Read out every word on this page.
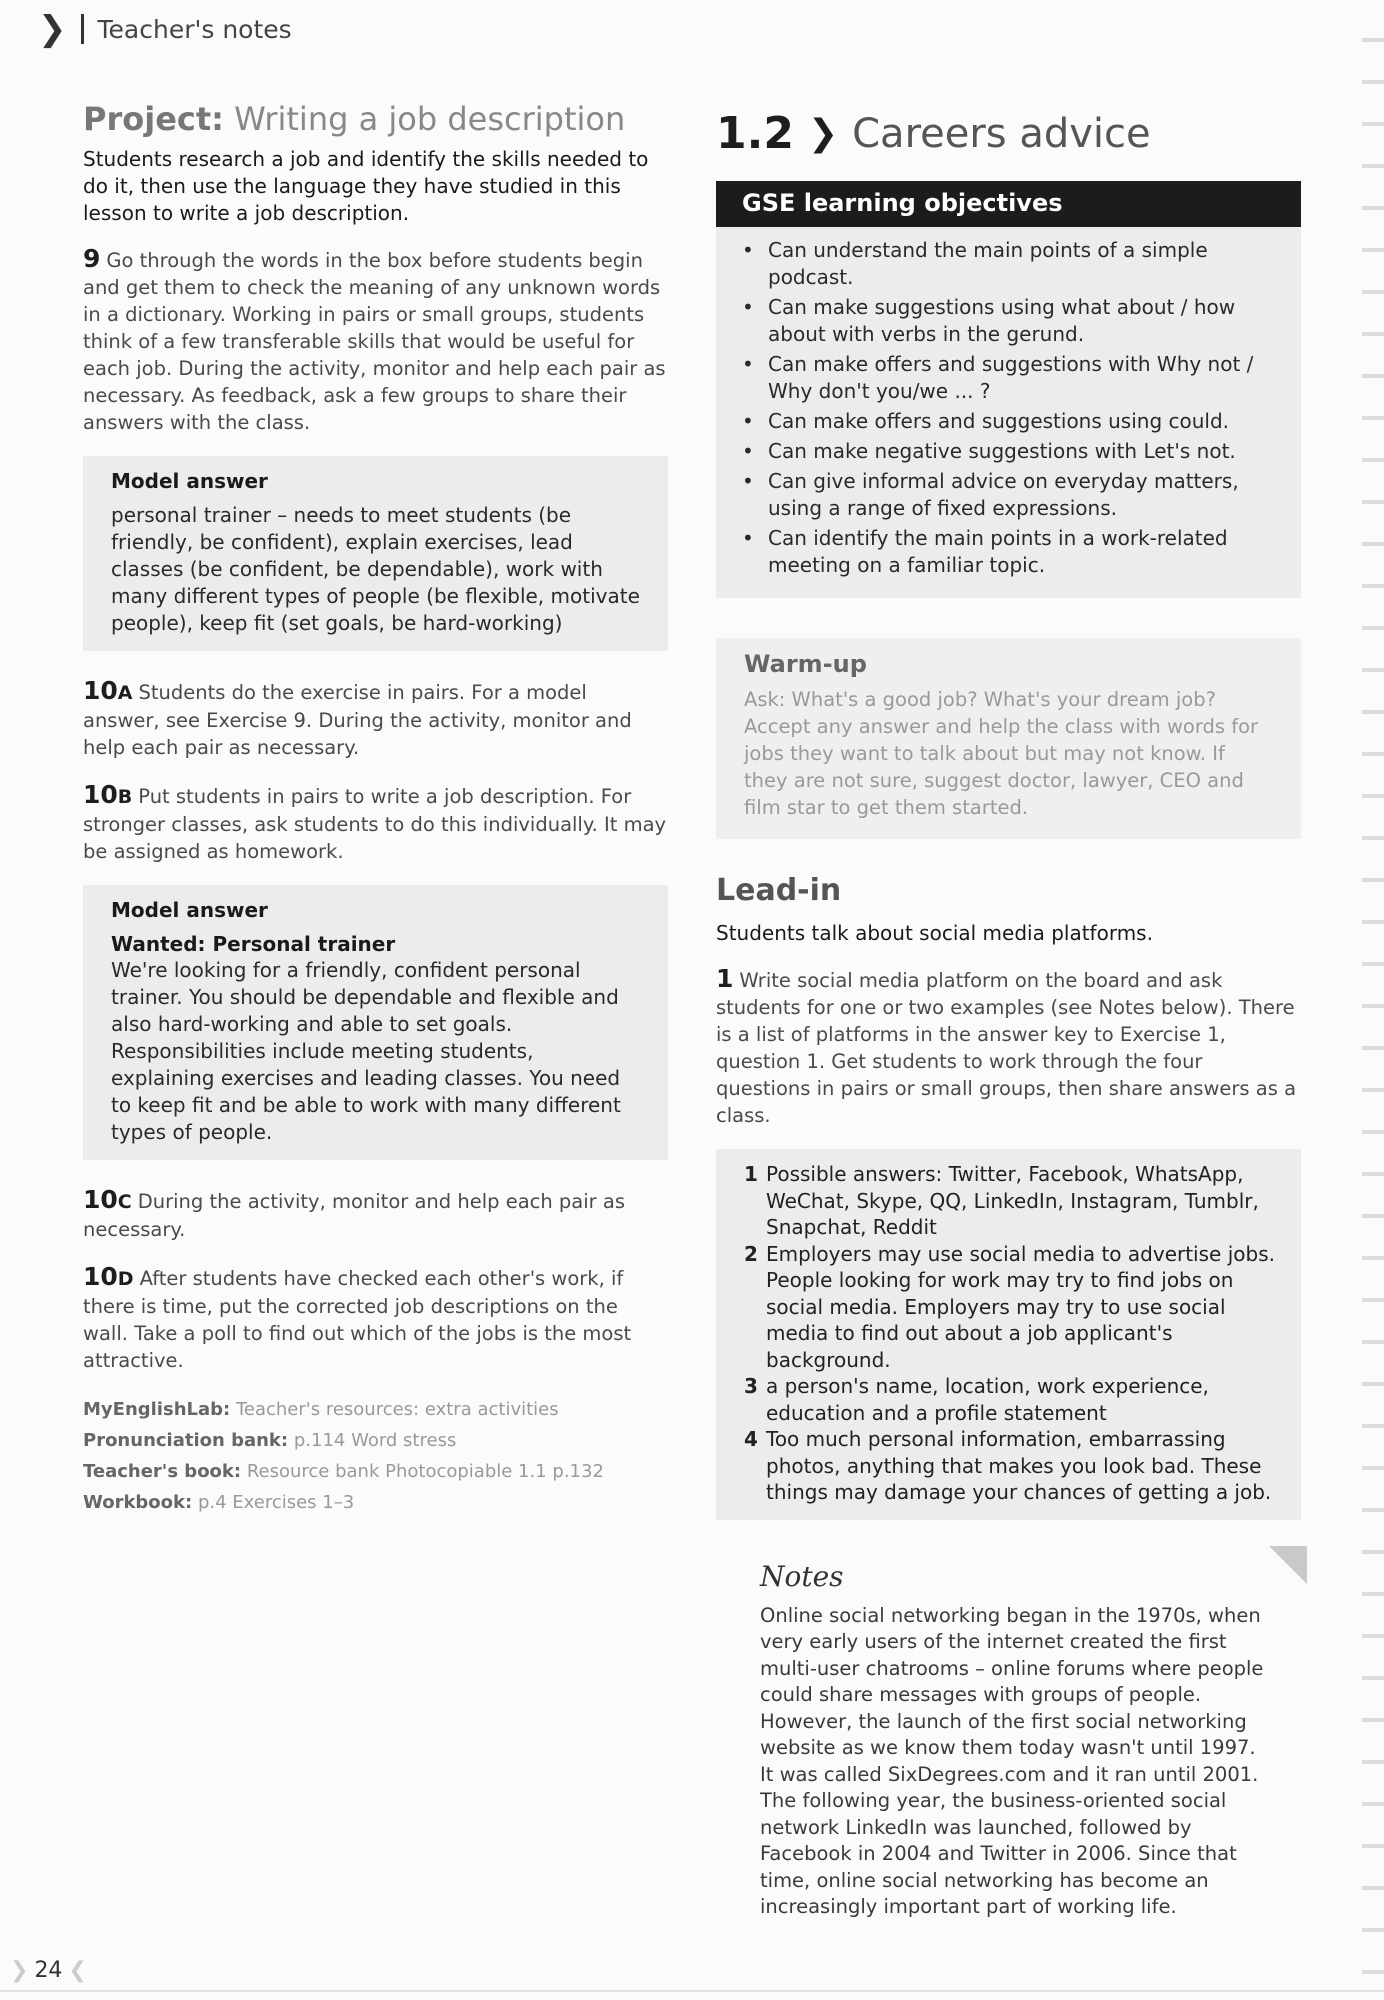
❯ Teacher's notes
Project: Writing a job description

Students research a job and identify the skills needed to do it, then use the language they have studied in this lesson to write a job description.

9 Go through the words in the box before students begin and get them to check the meaning of any unknown words in a dictionary. Working in pairs or small groups, students think of a few transferable skills that would be useful for each job. During the activity, monitor and help each pair as necessary. As feedback, ask a few groups to share their answers with the class.

Model answer
personal trainer – needs to meet students (be friendly, be confident), explain exercises, lead classes (be confident, be dependable), work with many different types of people (be flexible, motivate people), keep fit (set goals, be hard-working)

10A Students do the exercise in pairs. For a model answer, see Exercise 9. During the activity, monitor and help each pair as necessary.

10B Put students in pairs to write a job description. For stronger classes, ask students to do this individually. It may be assigned as homework.

Model answer
Wanted: Personal trainer
We're looking for a friendly, confident personal trainer. You should be dependable and flexible and also hard-working and able to set goals. Responsibilities include meeting students, explaining exercises and leading classes. You need to keep fit and be able to work with many different types of people.

10C During the activity, monitor and help each pair as necessary.

10D After students have checked each other's work, if there is time, put the corrected job descriptions on the wall. Take a poll to find out which of the jobs is the most attractive.

MyEnglishLab: Teacher's resources: extra activities
Pronunciation bank: p.114 Word stress
Teacher's book: Resource bank Photocopiable 1.1 p.132
Workbook: p.4 Exercises 1–3
1.2 ❯ Careers advice
GSE learning objectives
• Can understand the main points of a simple podcast.
• Can make suggestions using what about / how about with verbs in the gerund.
• Can make offers and suggestions with Why not / Why don't you/we ... ?
• Can make offers and suggestions using could.
• Can make negative suggestions with Let's not.
• Can give informal advice on everyday matters, using a range of fixed expressions.
• Can identify the main points in a work-related meeting on a familiar topic.
Warm-up
Ask: What's a good job? What's your dream job? Accept any answer and help the class with words for jobs they want to talk about but may not know. If they are not sure, suggest doctor, lawyer, CEO and film star to get them started.
Lead-in

Students talk about social media platforms.

1 Write social media platform on the board and ask students for one or two examples (see Notes below). There is a list of platforms in the answer key to Exercise 1, question 1. Get students to work through the four questions in pairs or small groups, then share answers as a class.

1 Possible answers: Twitter, Facebook, WhatsApp, WeChat, Skype, QQ, LinkedIn, Instagram, Tumblr, Snapchat, Reddit
2 Employers may use social media to advertise jobs. People looking for work may try to find jobs on social media. Employers may try to use social media to find out about a job applicant's background.
3 a person's name, location, work experience, education and a profile statement
4 Too much personal information, embarrassing photos, anything that makes you look bad. These things may damage your chances of getting a job.
Notes
Online social networking began in the 1970s, when very early users of the internet created the first multi-user chatrooms – online forums where people could share messages with groups of people. However, the launch of the first social networking website as we know them today wasn't until 1997. It was called SixDegrees.com and it ran until 2001. The following year, the business-oriented social network LinkedIn was launched, followed by Facebook in 2004 and Twitter in 2006. Since that time, online social networking has become an increasingly important part of working life.
❯ 24 ❮
